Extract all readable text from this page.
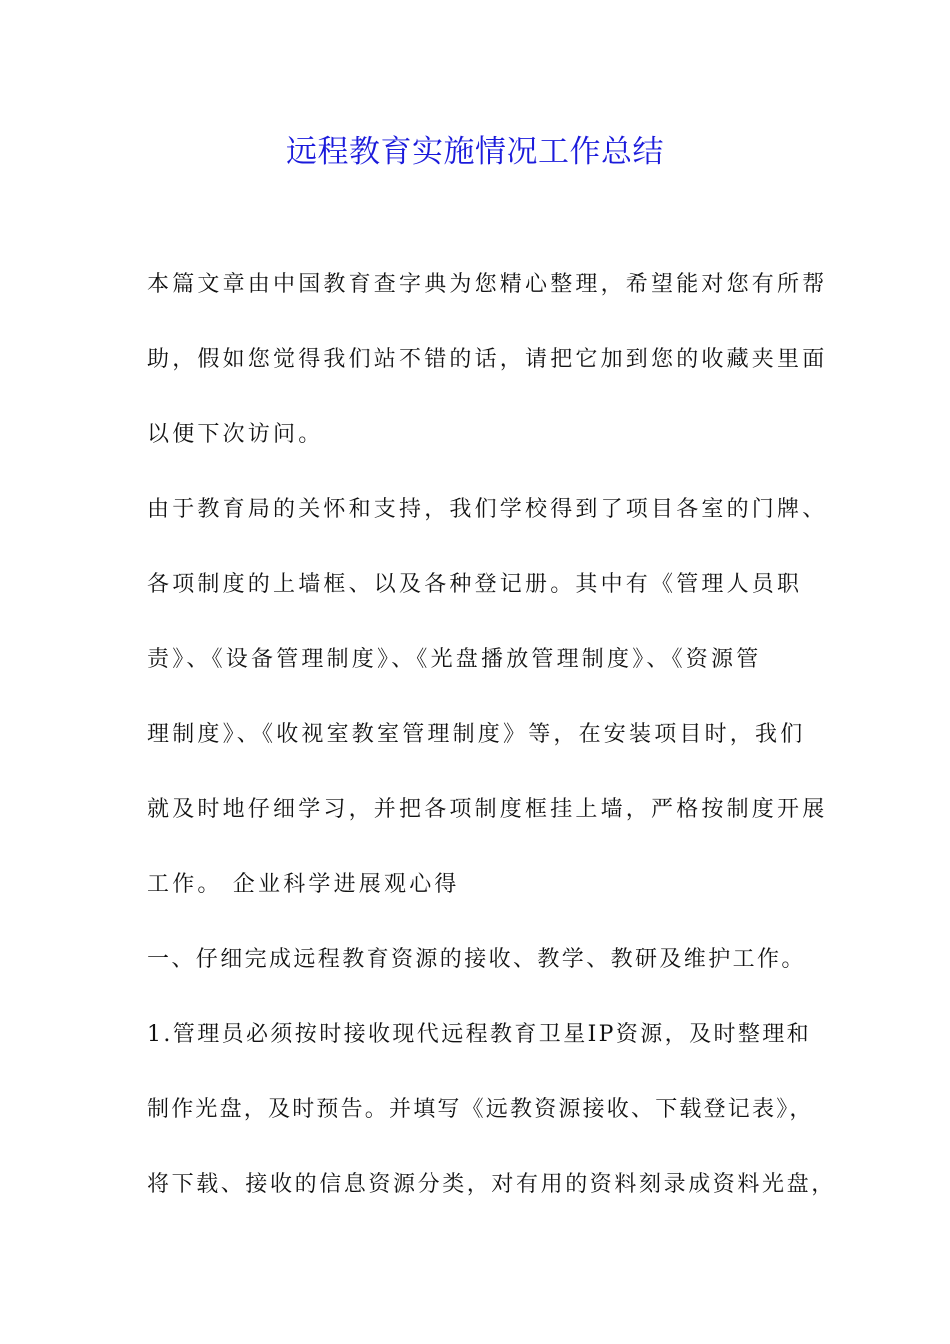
远程教育实施情况工作总结

本篇文章由中国教育查字典为您精心整理，希望能对您有所帮

助，假如您觉得我们站不错的话，请把它加到您的收藏夹里面

以便下次访问。

由于教育局的关怀和支持，我们学校得到了项目各室的门牌、

各项制度的上墙框、以及各种登记册。其中有《管理人员职

责》、《设备管理制度》、《光盘播放管理制度》、《资源管

理制度》、《收视室教室管理制度》等，在安装项目时，我们

就及时地仔细学习，并把各项制度框挂上墙，严格按制度开展

工作。 企业科学进展观心得

一、仔细完成远程教育资源的接收、教学、教研及维护工作。

1.管理员必须按时接收现代远程教育卫星IP资源，及时整理和

制作光盘，及时预告。并填写《远教资源接收、下载登记表》，

将下载、接收的信息资源分类，对有用的资料刻录成资料光盘，
